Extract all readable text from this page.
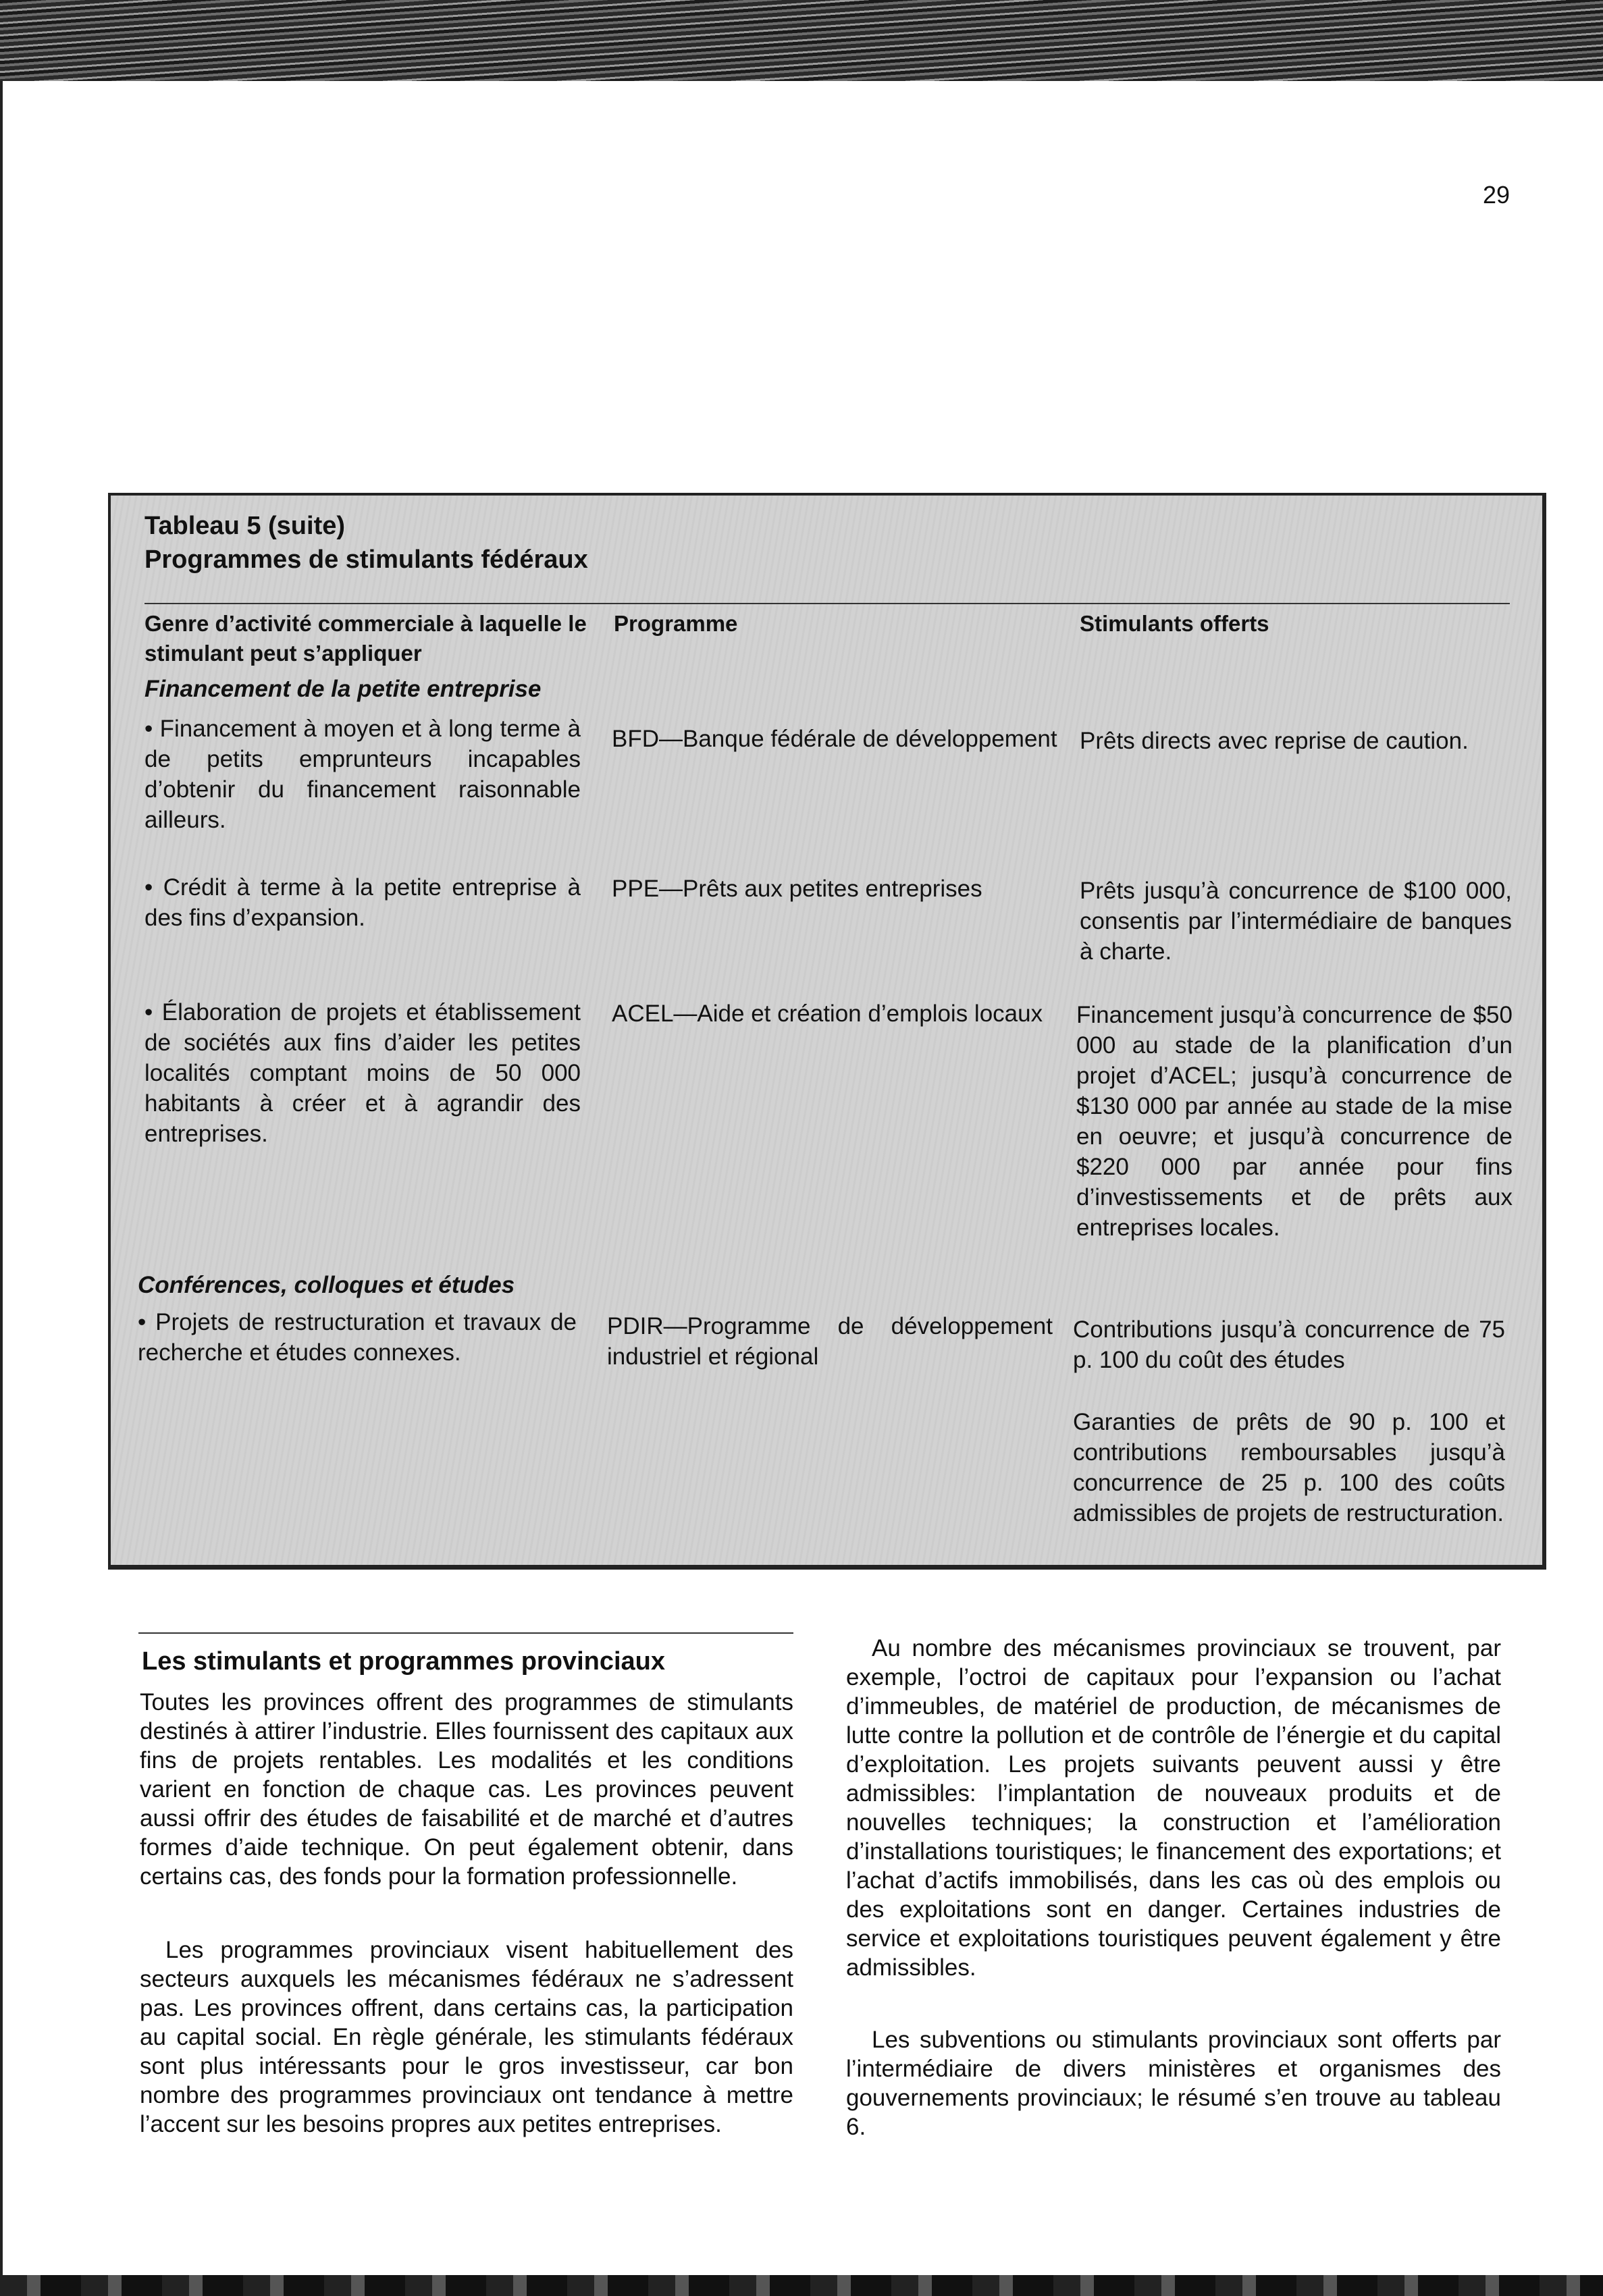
29
Tableau 5 (suite)
Programmes de stimulants fédéraux
Genre d’activité commerciale à laquelle le stimulant peut s’appliquer
Programme	Stimulants offerts
Financement de la petite entreprise
• Financement à moyen et à long terme à de petits emprunteurs incapables d’obtenir du financement raisonnable ailleurs.
BFD—Banque fédérale de développement Prêts directs avec reprise de caution.
• Crédit à terme à la petite entreprise à des fins d’expansion.
PPE—Prêts aux petites entreprises	Prêts jusqu’à concurrence de $100 000, consentis par l’intermédiaire de banques à charte.
• Élaboration de projets et établissement de sociétés aux fins d’aider les petites localités comptant moins de 50 000 habitants à créer et à agrandir des entreprises.
ACEL—Aide et création d’emplois locaux Financement jusqu’à concurrence de $50 000 au stade de la planification d’un projet d’ACEL; jusqu’à concurrence de $130 000 par année au stade de la mise en oeuvre; et jusqu’à concurrence de $220 000 par année pour fins d’investissements et de prêts aux entreprises locales.
Conférences, colloques et études
• Projets de restructuration et travaux de recherche et études connexes.
PDIR—Programme de développement industriel et régional
Contributions jusqu’à concurrence de 75 p. 100 du coût des études
Garanties de prêts de 90 p. 100 et contributions remboursables jusqu’à concurrence de 25 p. 100 des coûts admissibles de projets de restructuration.
Les stimulants et programmes provinciaux
Toutes les provinces offrent des programmes de stimulants destinés à attirer l’industrie. Elles fournissent des capitaux aux fins de projets rentables. Les modalités et les conditions varient en fonction de chaque cas. Les provinces peuvent aussi offrir des études de faisabilité et de marché et d’autres formes d’aide technique. On peut également obtenir, dans certains cas, des fonds pour la formation professionnelle.
Les programmes provinciaux visent habituellement des secteurs auxquels les mécanismes fédéraux ne s’adressent pas. Les provinces offrent, dans certains cas, la participation au capital social. En règle générale, les stimulants fédéraux sont plus intéressants pour le gros investisseur, car bon nombre des programmes provinciaux ont tendance à mettre l’accent sur les besoins propres aux petites entreprises.
Au nombre des mécanismes provinciaux se trouvent, par exemple, l’octroi de capitaux pour l’expansion ou l’achat d’immeubles, de matériel de production, de mécanismes de lutte contre la pollution et de contrôle de l’énergie et du capital d’exploitation. Les projets suivants peuvent aussi y être admissibles: l’implantation de nouveaux produits et de nouvelles techniques; la construction et l’amélioration d’installations touristiques; le financement des exportations; et l’achat d’actifs immobilisés, dans les cas où des emplois ou des exploitations sont en danger. Certaines industries de service et exploitations touristiques peuvent également y être admissibles.
Les subventions ou stimulants provinciaux sont offerts par l’intermédiaire de divers ministères et organismes des gouvernements provinciaux; le résumé s’en trouve au tableau 6.
